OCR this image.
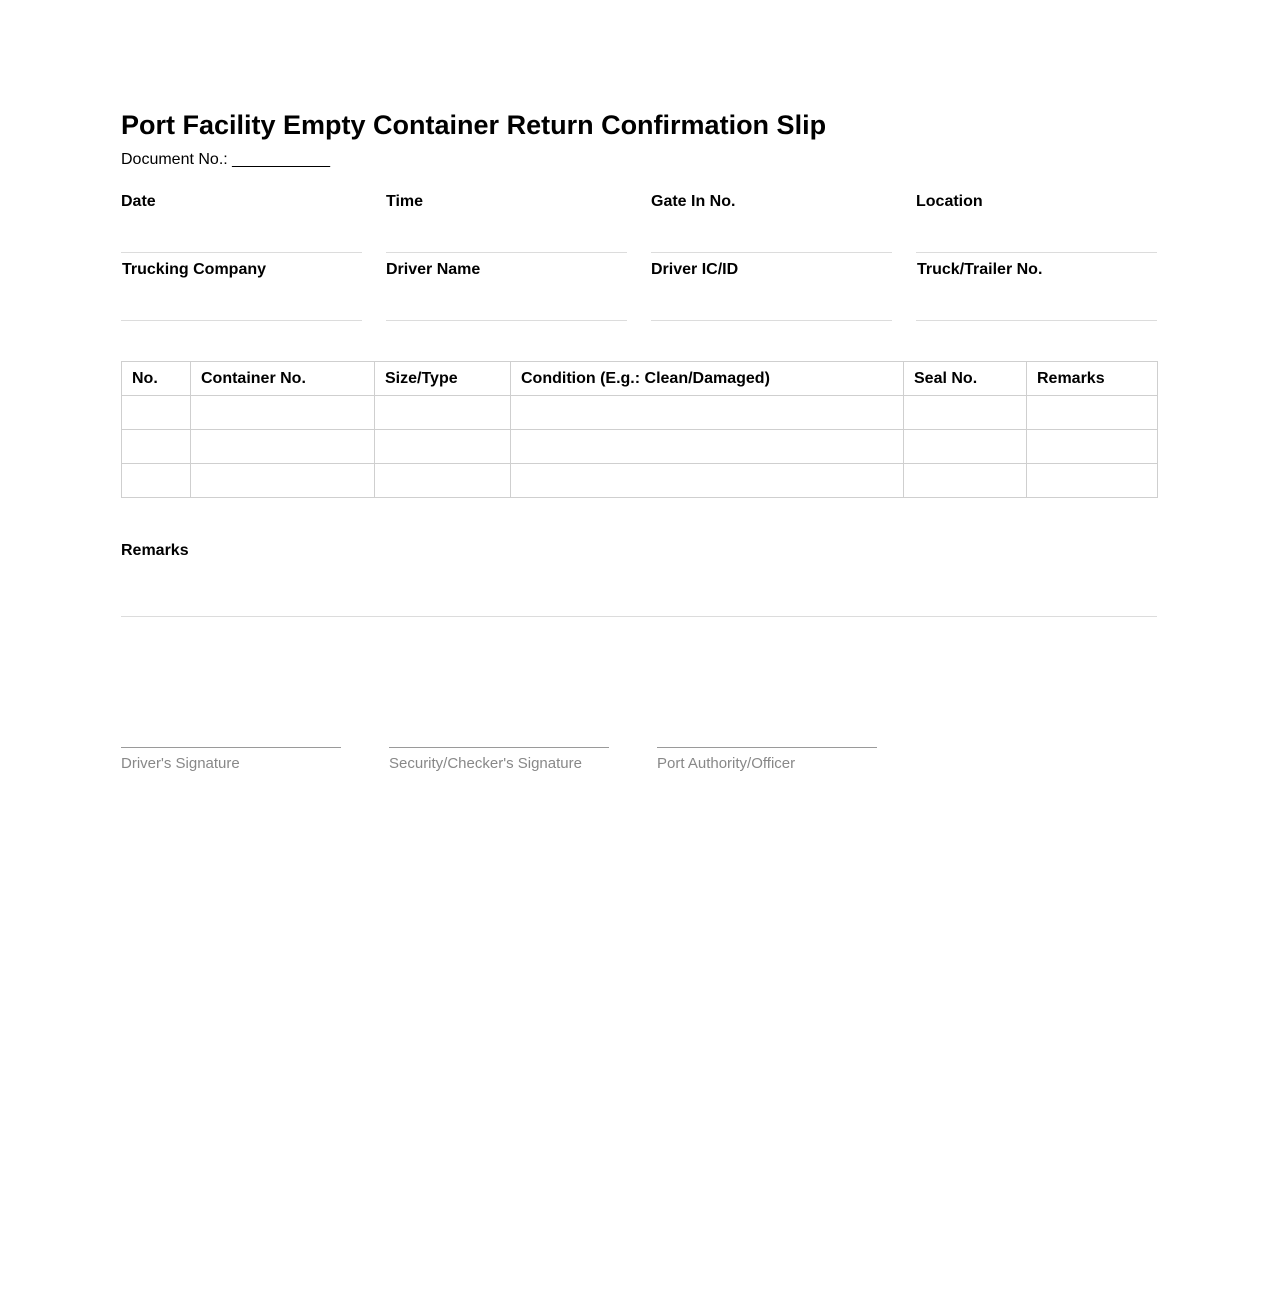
Port Facility Empty Container Return Confirmation Slip
Document No.: ___________
Date	Time	Gate In No.	Location
Trucking Company	Driver Name	Driver IC/ID	Truck/Trailer No.
No.	Container No.	Size/Type	Condition (E.g.: Clean/Damaged)	Seal No.	Remarks

Remarks
Driver's Signature	Security/Checker's Signature	Port Authority/Officer
